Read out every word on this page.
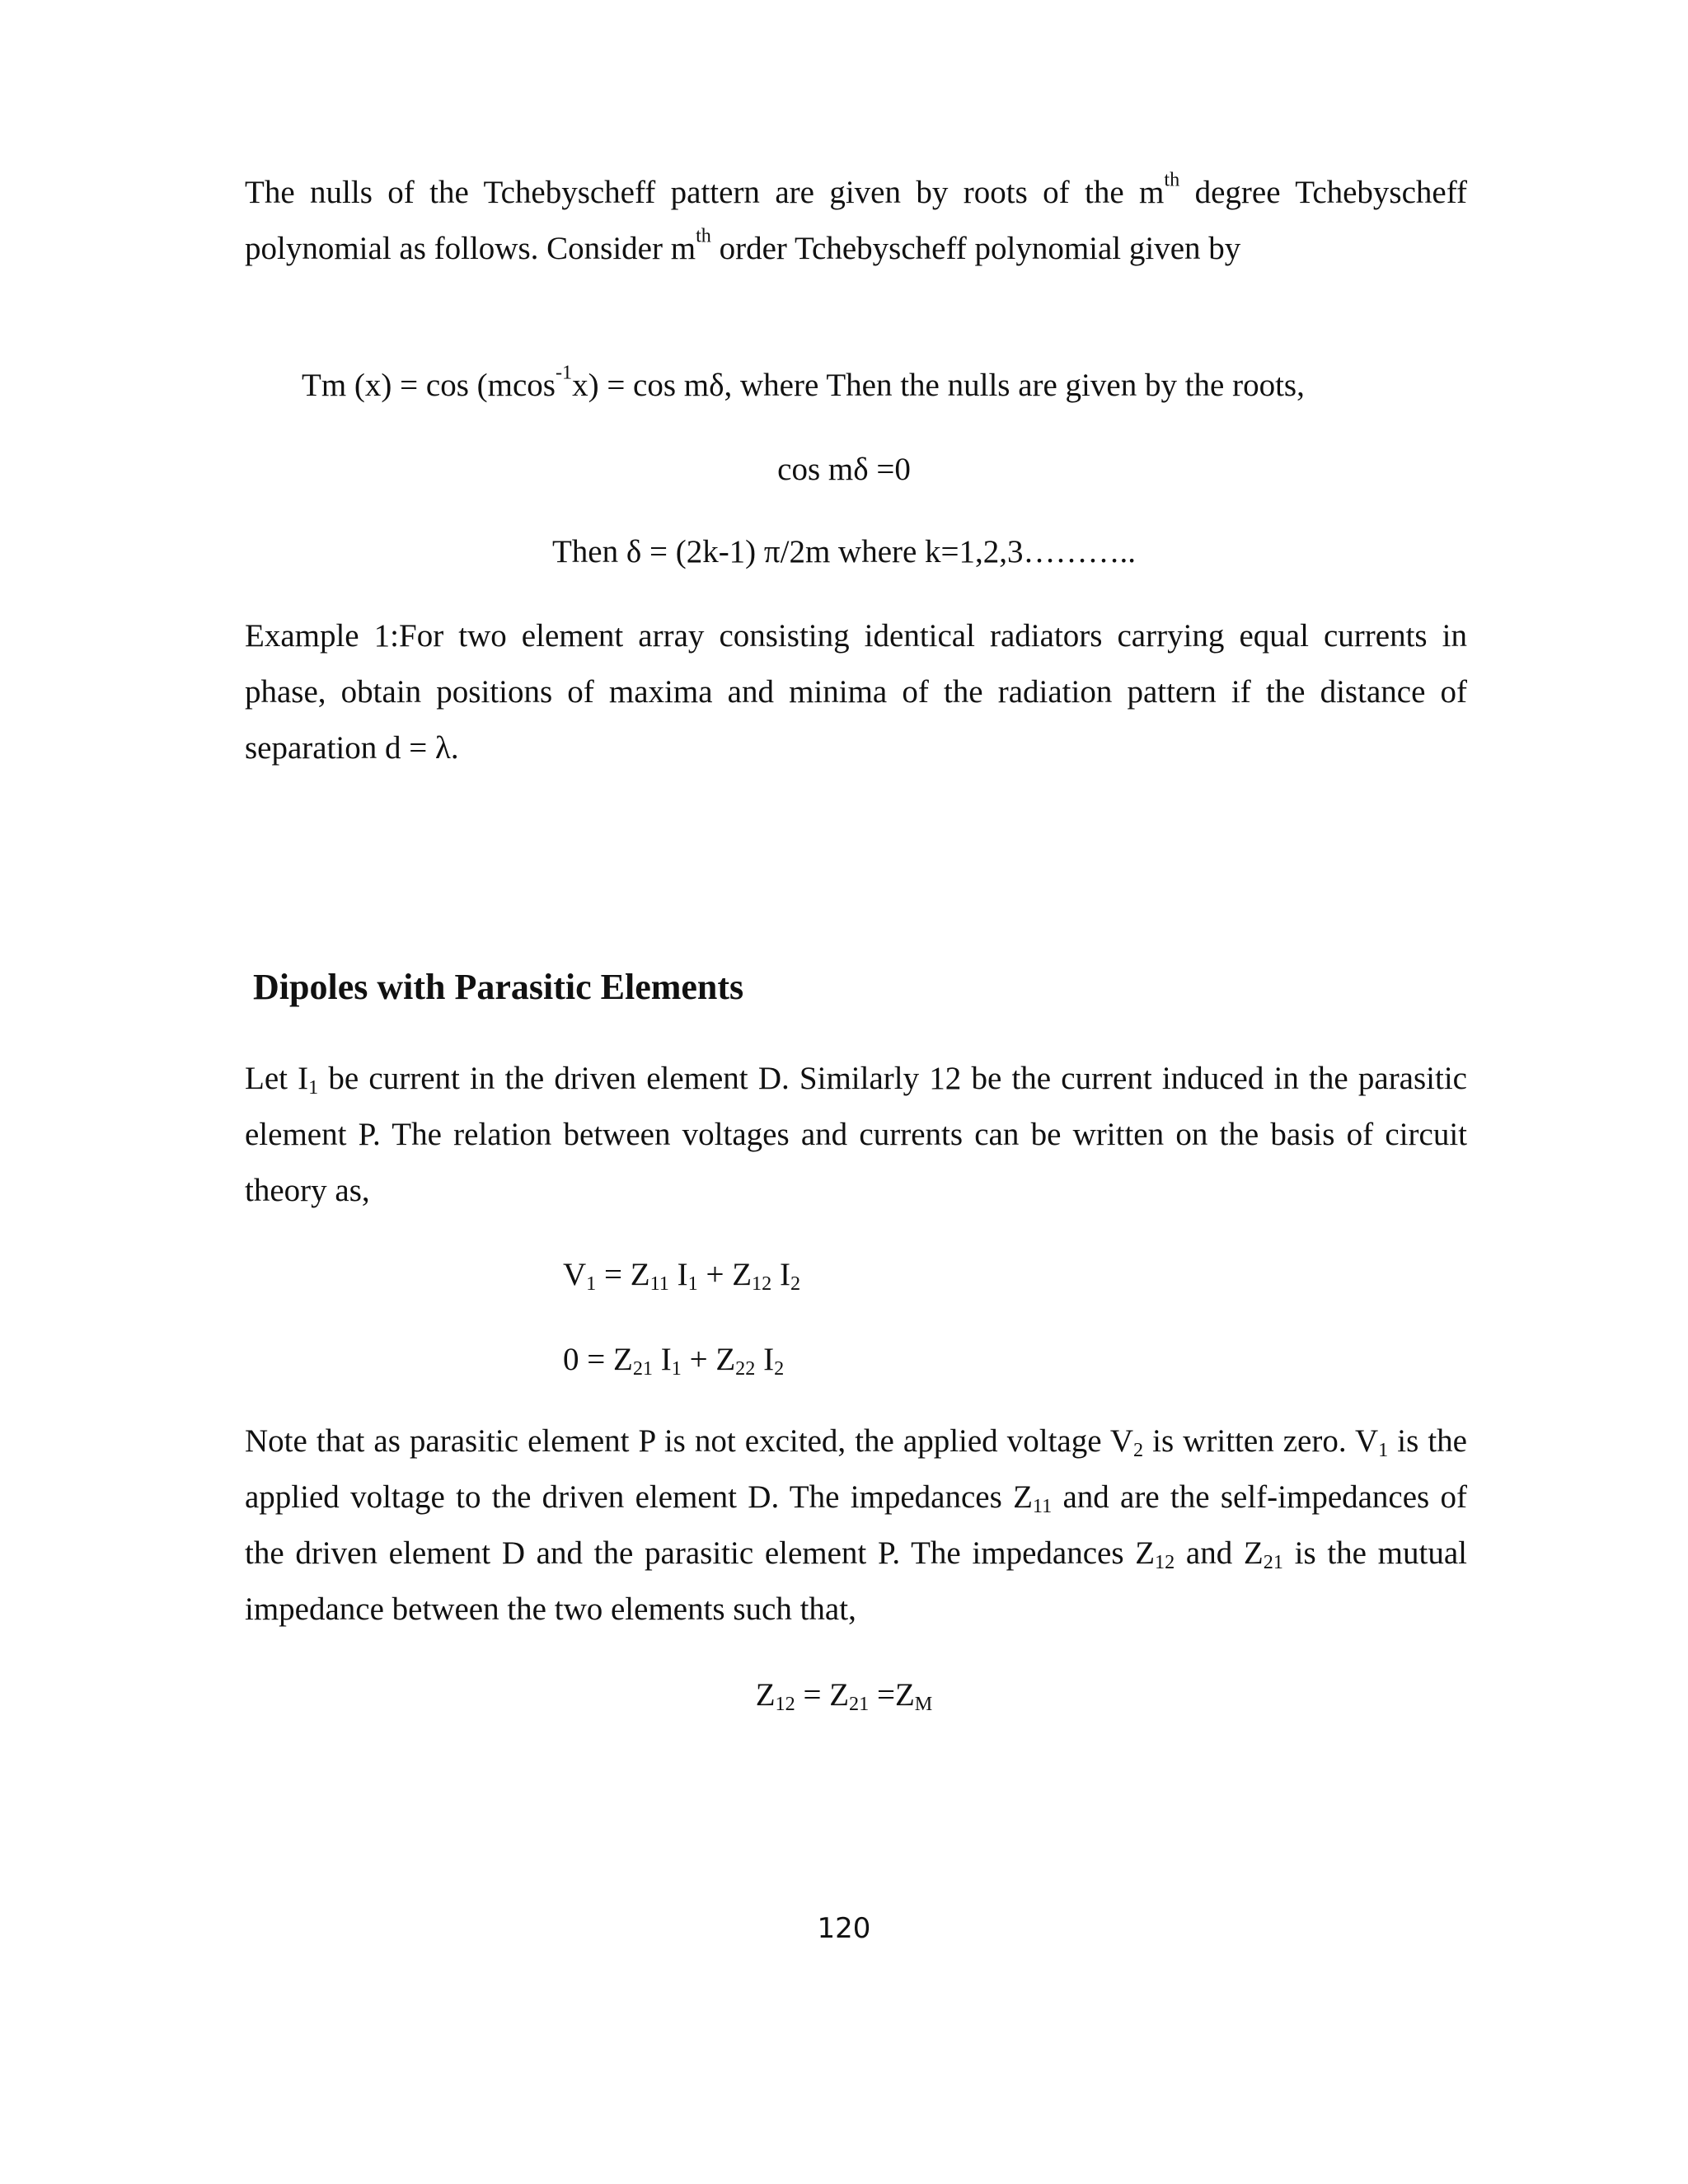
The nulls of the Tchebyscheff pattern are given by roots of the $m^{th}$ degree Tchebyscheff polynomial as follows. Consider $m^{th}$ order Tchebyscheff polynomial given by
Tm (x) = cos (mcos$^{-1}$x) = cos mδ, where Then the nulls are given by the roots,
cos mδ =0
Then δ = (2k-1) π/2m where k=1,2,3………..
Example 1:For two element array consisting identical radiators carrying equal currents in phase, obtain positions of maxima and minima of the radiation pattern if the distance of separation d = λ.
Dipoles with Parasitic Elements
Let $I_1$ be current in the driven element D. Similarly 12 be the current induced in the parasitic element P. The relation between voltages and currents can be written on the basis of circuit theory as,
$V_1 = Z_{11}$ $I_1 + Z_{12}$ $I_2$
$0 = Z_{21}$ $I_1 + Z_{22}$ $I_2$
Note that as parasitic element P is not excited, the applied voltage $V_2$ is written zero. $V_1$ is the applied voltage to the driven element D. The impedances $Z_{11}$ and are the self-impedances of the driven element D and the parasitic element P. The impedances $Z_{12}$ and $Z_{21}$ is the mutual impedance between the two elements such that,
$Z_{12} = Z_{21} =Z_M$
120
